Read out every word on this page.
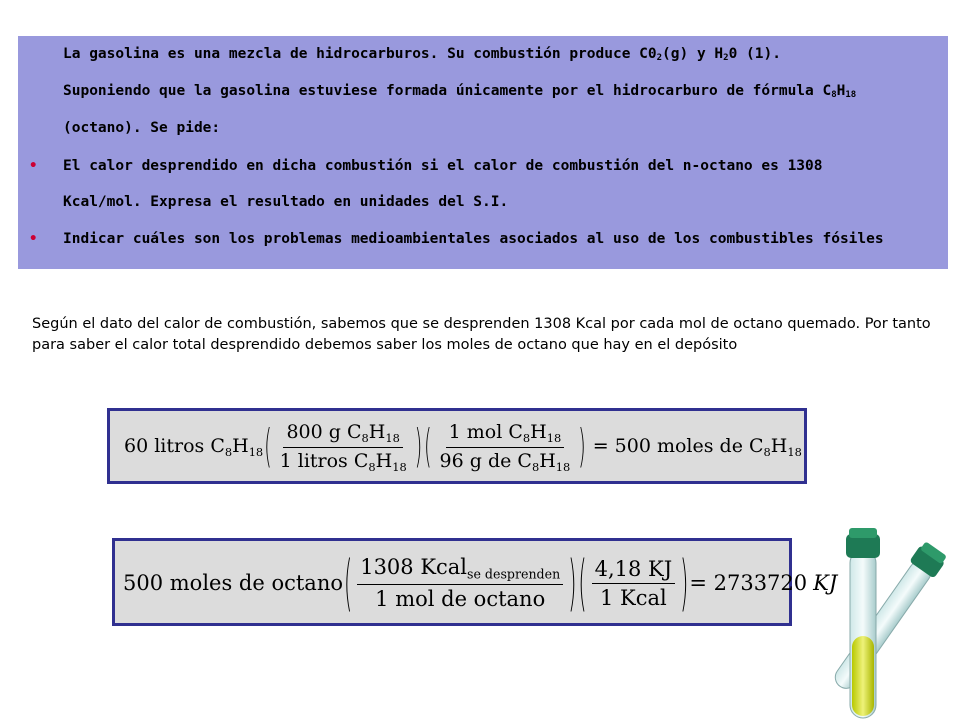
La gasolina es una mezcla de hidrocarburos. Su combustión produce $C0_2(g)$ y $H_20$ (1).
Suponiendo que la gasolina estuviese formada únicamente por el hidrocarburo de fórmula $C_8H_{18}$
(octano). Se pide:
• El calor desprendido en dicha combustión si el calor de combustión del n-octano es 1308
Kcal/mol. Expresa el resultado en unidades del S.I.
• Indicar cuáles son los problemas medioambientales asociados al uso de los combustibles fósiles
Según el dato del calor de combustión, sabemos que se desprenden 1308 Kcal por cada mol de octano quemado. Por tanto para saber el calor total desprendido debemos saber los moles de octano que hay en el depósito
60 litros $C_8H_{18}$ ( $\frac{800 g C_8H_{18}}{1 litros C_8H_{18}}$ ) ( $\frac{1 mol C_8H_{18}}{96 g de C_8H_{18}}$ ) = 500 moles de $C_8H_{18}$
500 moles de octano ( $\frac{1308 Kcal_{se desprenden}}{\text{1 mol de octano}}$ ) ( $\frac{4,18 KJ}{\text{1 Kcal}}$ ) = 2733720 KJ
